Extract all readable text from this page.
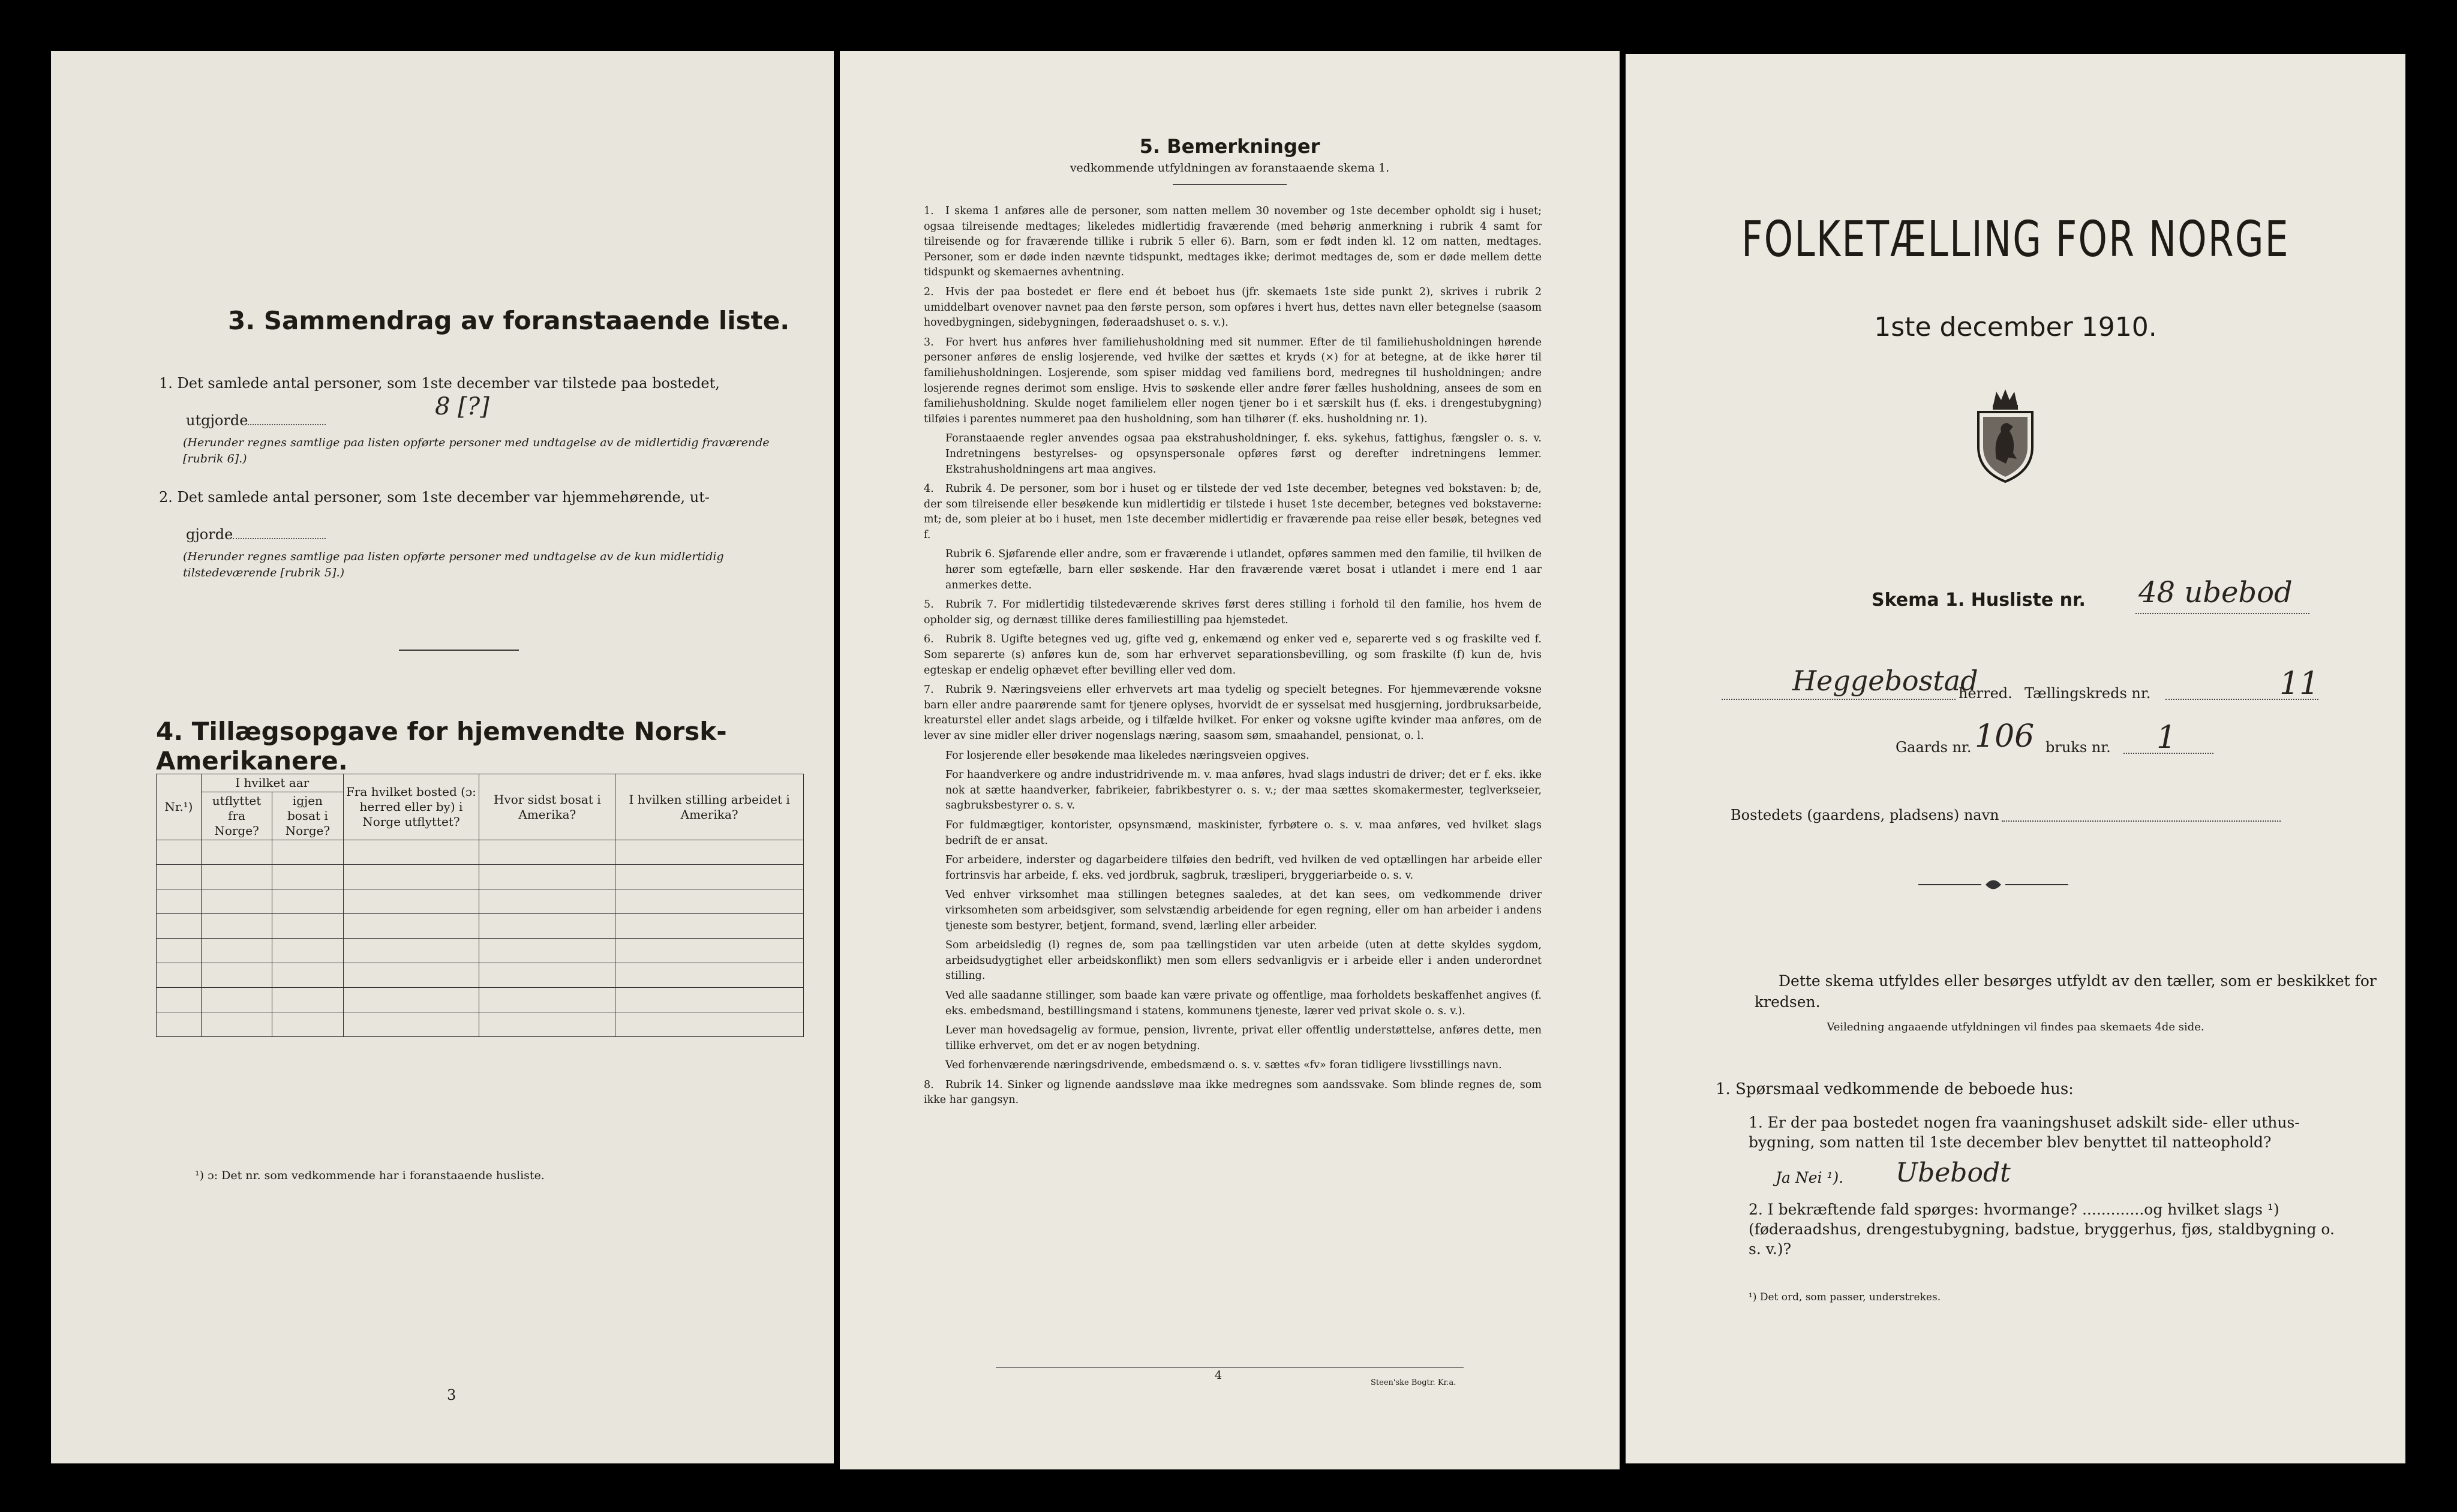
3. Sammendrag av foranstaaende liste.
1. Det samlede antal personer, som 1ste december var tilstede paa bostedet,
utgjorde	8 [?]
(Herunder regnes samtlige paa listen opførte personer med undtagelse av de midlertidig fraværende [rubrik 6].)
2. Det samlede antal personer, som 1ste december var hjemmehørende, ut-
gjorde
(Herunder regnes samtlige paa listen opførte personer med undtagelse av de kun midlertidig tilstedeværende [rubrik 5].)
4. Tillægsopgave for hjemvendte Norsk-Amerikanere.
Nr.¹)	I hvilket aar		Fra hvilket bosted (ɔ: herred eller by) i Norge utflyttet?	Hvor sidst bosat i Amerika?	I hvilken stilling arbeidet i Amerika?
	utflyttet fra Norge?	igjen bosat i Norge?			

¹) ɔ: Det nr. som vedkommende har i foranstaaende husliste.
3
5. Bemerkninger
vedkommende utfyldningen av foranstaaende skema 1.

1. I skema 1 anføres alle de personer, som natten mellem 30 november og 1ste december opholdt sig i huset; ogsaa tilreisende medtages; likeledes midlertidig fraværende (med behørig anmerkning i rubrik 4 samt for tilreisende og for fraværende tillike i rubrik 5 eller 6). Barn, som er født inden kl. 12 om natten, medtages. Personer, som er døde inden nævnte tidspunkt, medtages ikke; derimot medtages de, som er døde mellem dette tidspunkt og skemaernes avhentning.

2. Hvis der paa bostedet er flere end ét beboet hus (jfr. skemaets 1ste side punkt 2), skrives i rubrik 2 umiddelbart ovenover navnet paa den første person, som opføres i hvert hus, dettes navn eller betegnelse (saasom hovedbygningen, sidebygningen, føderaadshuset o. s. v.).

3. For hvert hus anføres hver familiehusholdning med sit nummer. Efter de til familiehusholdningen hørende personer anføres de enslig losjerende, ved hvilke der sættes et kryds (×) for at betegne, at de ikke hører til familiehusholdningen. Losjerende, som spiser middag ved familiens bord, medregnes til husholdningen; andre losjerende regnes derimot som enslige. Hvis to søskende eller andre fører fælles husholdning, ansees de som en familiehusholdning. Skulde noget familielem eller nogen tjener bo i et særskilt hus (f. eks. i drengestubygning) tilføies i parentes nummeret paa den husholdning, som han tilhører (f. eks. husholdning nr. 1).

Foranstaaende regler anvendes ogsaa paa ekstrahusholdninger, f. eks. sykehus, fattighus, fængsler o. s. v. Indretningens bestyrelses- og opsynspersonale opføres først og derefter indretningens lemmer. Ekstrahusholdningens art maa angives.

4. Rubrik 4. De personer, som bor i huset og er tilstede der ved 1ste december, betegnes ved bokstaven: b; de, der som tilreisende eller besøkende kun midlertidig er tilstede i huset 1ste december, betegnes ved bokstaverne: mt; de, som pleier at bo i huset, men 1ste december midlertidig er fraværende paa reise eller besøk, betegnes ved f.

Rubrik 6. Sjøfarende eller andre, som er fraværende i utlandet, opføres sammen med den familie, til hvilken de hører som egtefælle, barn eller søskende. Har den fraværende været bosat i utlandet i mere end 1 aar anmerkes dette.

5. Rubrik 7. For midlertidig tilstedeværende skrives først deres stilling i forhold til den familie, hos hvem de opholder sig, og dernæst tillike deres familiestilling paa hjemstedet.

6. Rubrik 8. Ugifte betegnes ved ug, gifte ved g, enkemænd og enker ved e, separerte ved s og fraskilte ved f. Som separerte (s) anføres kun de, som har erhvervet separationsbevilling, og som fraskilte (f) kun de, hvis egteskap er endelig ophævet efter bevilling eller ved dom.

7. Rubrik 9. Næringsveiens eller erhvervets art maa tydelig og specielt betegnes. For hjemmeværende voksne barn eller andre paarørende samt for tjenere oplyses, hvorvidt de er sysselsat med husgjerning, jordbruksarbeide, kreaturstel eller andet slags arbeide, og i tilfælde hvilket. For enker og voksne ugifte kvinder maa anføres, om de lever av sine midler eller driver nogenslags næring, saasom søm, smaahandel, pensionat, o. l.

For losjerende eller besøkende maa likeledes næringsveien opgives.

For haandverkere og andre industridrivende m. v. maa anføres, hvad slags industri de driver; det er f. eks. ikke nok at sætte haandverker, fabrikeier, fabrikbestyrer o. s. v.; der maa sættes skomakermester, teglverkseier, sagbruksbestyrer o. s. v.

For fuldmægtiger, kontorister, opsynsmænd, maskinister, fyrbøtere o. s. v. maa anføres, ved hvilket slags bedrift de er ansat.

For arbeidere, inderster og dagarbeidere tilføies den bedrift, ved hvilken de ved optællingen har arbeide eller fortrinsvis har arbeide, f. eks. ved jordbruk, sagbruk, træsliperi, bryggeriarbeide o. s. v.

Ved enhver virksomhet maa stillingen betegnes saaledes, at det kan sees, om vedkommende driver virksomheten som arbeidsgiver, som selvstændig arbeidende for egen regning, eller om han arbeider i andens tjeneste som bestyrer, betjent, formand, svend, lærling eller arbeider.

Som arbeidsledig (l) regnes de, som paa tællingstiden var uten arbeide (uten at dette skyldes sygdom, arbeidsudygtighet eller arbeidskonflikt) men som ellers sedvanligvis er i arbeide eller i anden underordnet stilling.

Ved alle saadanne stillinger, som baade kan være private og offentlige, maa forholdets beskaffenhet angives (f. eks. embedsmand, bestillingsmand i statens, kommunens tjeneste, lærer ved privat skole o. s. v.).

Lever man hovedsagelig av formue, pension, livrente, privat eller offentlig understøttelse, anføres dette, men tillike erhvervet, om det er av nogen betydning.

Ved forhenværende næringsdrivende, embedsmænd o. s. v. sættes «fv» foran tidligere livsstillings navn.

8. Rubrik 14. Sinker og lignende aandssløve maa ikke medregnes som aandssvake. Som blinde regnes de, som ikke har gangsyn.

4
Steen'ske Bogtr. Kr.a.
FOLKETÆLLING FOR NORGE
1ste december 1910.
Skema 1. Husliste nr. 48 ubebod
Heggebostad
herred. Tællingskreds nr.	11
Gaards nr. 106 bruks nr. 1
Bostedets (gaardens, pladsens) navn
Dette skema utfyldes eller besørges utfyldt av den tæller, som er beskikket for kredsen.
Veiledning angaaende utfyldningen vil findes paa skemaets 4de side.
1. Spørsmaal vedkommende de beboede hus:
1. Er der paa bostedet nogen fra vaaningshuset adskilt side- eller uthus-bygning, som natten til 1ste december blev benyttet til natteophold?
Ja Nei ¹). Ubebodt
2. I bekræftende fald spørges: hvormange? .............og hvilket slags ¹) (føderaadshus, drengestubygning, badstue, bryggerhus, fjøs, staldbygning o. s. v.)?
¹) Det ord, som passer, understrekes.
